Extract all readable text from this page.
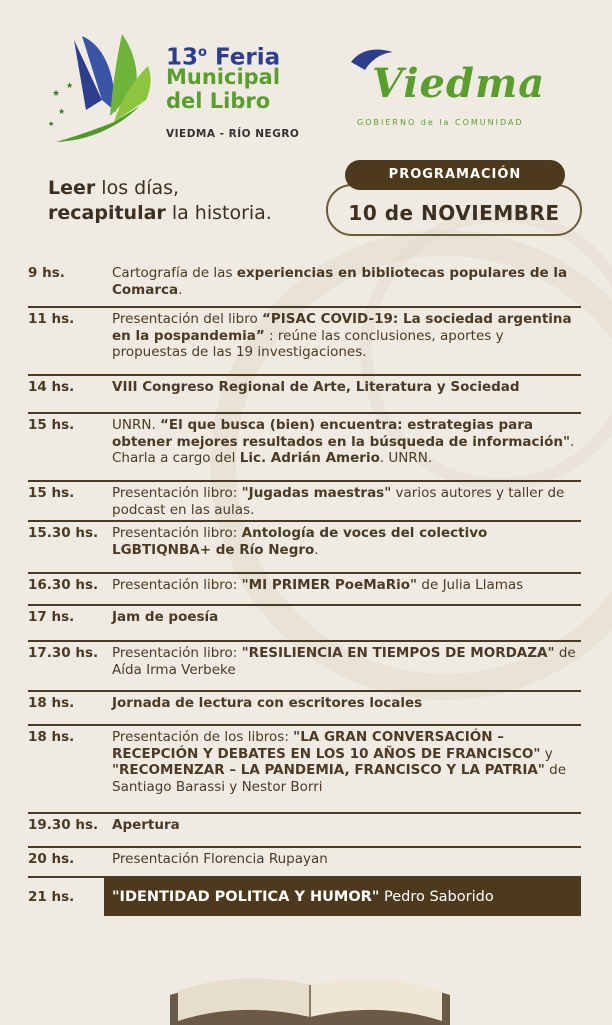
★
★
★
★
13$^o$ Feria
Municipal
del Libro
VIEDMA - RÍO NEGRO
Viedma
GOBIERNO de la COMUNIDAD
Leer los días,
recapitular la historia.
PROGRAMACIÓN
10 de NOVIEMBRE
9 hs.	Cartografía de las experiencias en bibliotecas populares de la Comarca.
11 hs.	Presentación del libro “PISAC COVID-19: La sociedad argentina en la pospandemia” : reúne las conclusiones, aportes y propuestas de las 19 investigaciones.
14 hs.	VIII Congreso Regional de Arte, Literatura y Sociedad
15 hs.	UNRN. “El que busca (bien) encuentra: estrategias para obtener mejores resultados en la búsqueda de información". Charla a cargo del Lic. Adrián Amerio. UNRN.
15 hs.	Presentación libro: "Jugadas maestras" varios autores y taller de podcast en las aulas.
15.30 hs.	Presentación libro: Antología de voces del colectivo LGBTIQNBA+ de Río Negro.
16.30 hs.	Presentación libro: "MI PRIMER PoeMaRio" de Julia Llamas
17 hs.	Jam de poesía
17.30 hs.	Presentación libro: "RESILIENCIA EN TIEMPOS DE MORDAZA" de Aída Irma Verbeke
18 hs.	Jornada de lectura con escritores locales
18 hs.	Presentación de los libros: "LA GRAN CONVERSACIÓN – RECEPCIÓN Y DEBATES EN LOS 10 AÑOS DE FRANCISCO" y "RECOMENZAR – LA PANDEMIA, FRANCISCO Y LA PATRIA" de Santiago Barassi y Nestor Borri
19.30 hs.	Apertura
20 hs.	Presentación Florencia Rupayan
21 hs.	"IDENTIDAD POLITICA Y HUMOR" Pedro Saborido
